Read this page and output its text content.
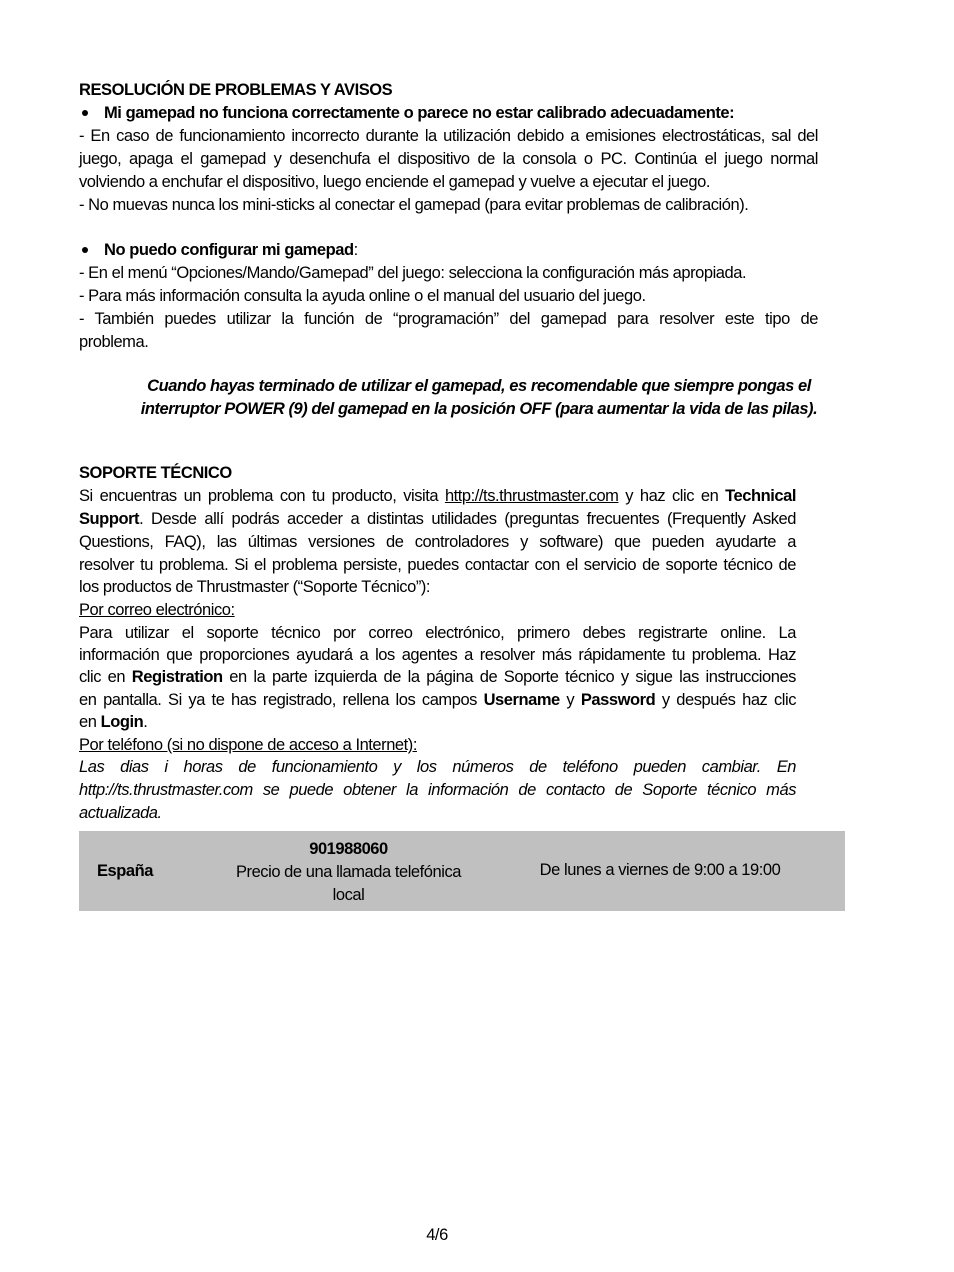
RESOLUCIÓN DE PROBLEMAS Y AVISOS
Mi gamepad no funciona correctamente o parece no estar calibrado adecuadamente:
- En caso de funcionamiento incorrecto durante la utilización debido a emisiones electrostáticas, sal del
juego, apaga el gamepad y desenchufa el dispositivo de la consola o PC. Continúa el juego normal
volviendo a enchufar el dispositivo, luego enciende el gamepad y vuelve a ejecutar el juego.
- No muevas nunca los mini-sticks al conectar el gamepad (para evitar problemas de calibración).
No puedo configurar mi gamepad:
- En el menú “Opciones/Mando/Gamepad” del juego: selecciona la configuración más apropiada.
- Para más información consulta la ayuda online o el manual del usuario del juego.
- También puedes utilizar la función de “programación” del gamepad para resolver este tipo de
problema.
Cuando hayas terminado de utilizar el gamepad, es recomendable que siempre pongas el
interruptor POWER (9) del gamepad en la posición OFF (para aumentar la vida de las pilas).
SOPORTE TÉCNICO
Si encuentras un problema con tu producto, visita http://ts.thrustmaster.com y haz clic en Technical
Support. Desde allí podrás acceder a distintas utilidades (preguntas frecuentes (Frequently Asked
Questions, FAQ), las últimas versiones de controladores y software) que pueden ayudarte a
resolver tu problema. Si el problema persiste, puedes contactar con el servicio de soporte técnico de
los productos de Thrustmaster (“Soporte Técnico”):
Por correo electrónico:
Para utilizar el soporte técnico por correo electrónico, primero debes registrarte online. La
información que proporciones ayudará a los agentes a resolver más rápidamente tu problema. Haz
clic en Registration en la parte izquierda de la página de Soporte técnico y sigue las instrucciones
en pantalla. Si ya te has registrado, rellena los campos Username y Password y después haz clic
en Login.
Por teléfono (si no dispone de acceso a Internet):
Las dias i horas de funcionamiento y los números de teléfono pueden cambiar. En
http://ts.thrustmaster.com se puede obtener la información de contacto de Soporte técnico más
actualizada.
España
901988060
Precio de una llamada telefónica
local
De lunes a viernes de 9:00 a 19:00
4/6
